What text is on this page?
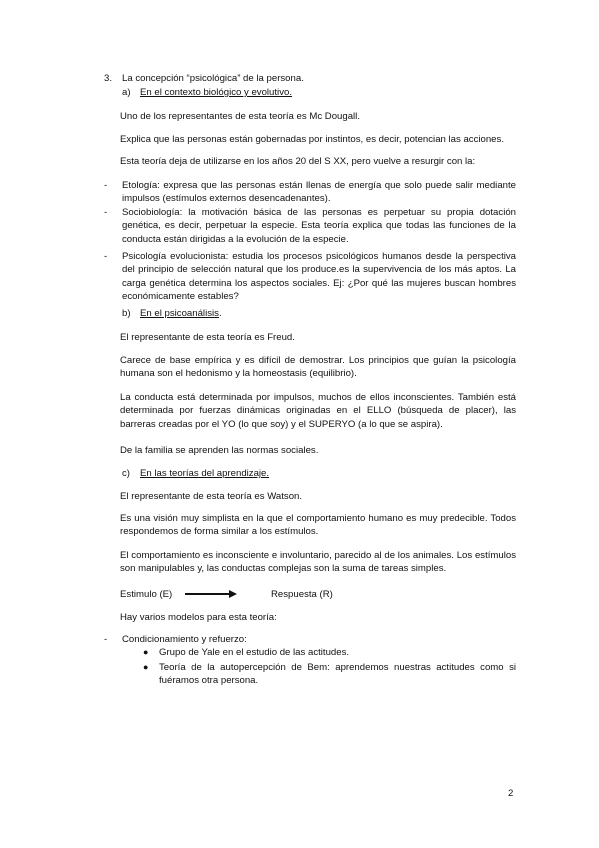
3. La concepción “psicológica” de la persona.
a) En el contexto biológico y evolutivo.

Uno de los representantes de esta teoría es Mc Dougall.

Explica que las personas están gobernadas por instintos, es decir, potencian las acciones.

Esta teoría deja de utilizarse en los años 20 del S XX, pero vuelve a resurgir con la:

- Etología: expresa que las personas están llenas de energía que solo puede salir mediante impulsos (estímulos externos desencadenantes).

- Sociobiología: la motivación básica de las personas es perpetuar su propia dotación genética, es decir, perpetuar la especie. Esta teoría explica que todas las funciones de la conducta están dirigidas a la evolución de la especie.

- Psicología evolucionista: estudia los procesos psicológicos humanos desde la perspectiva del principio de selección natural que los produce.es la supervivencia de los más aptos. La carga genética determina los aspectos sociales. Ej: ¿Por qué las mujeres buscan hombres económicamente estables?

b) En el psicoanálisis.

El representante de esta teoría es Freud.

Carece de base empírica y es difícil de demostrar. Los principios que guían la psicología humana son el hedonismo y la homeostasis (equilibrio).

La conducta está determinada por impulsos, muchos de ellos inconscientes. También está determinada por fuerzas dinámicas originadas en el ELLO (búsqueda de placer), las barreras creadas por el YO (lo que soy) y el SUPERYO (a lo que se aspira).

De la familia se aprenden las normas sociales.

c) En las teorías del aprendizaje.

El representante de esta teoría es Watson.

Es una visión muy simplista en la que el comportamiento humano es muy predecible. Todos respondemos de forma similar a los estímulos.

El comportamiento es inconsciente e involuntario, parecido al de los animales. Los estímulos son manipulables y, las conductas complejas son la suma de tareas simples.

Estimulo (E)	Respuesta (R)

Hay varios modelos para esta teoría:

- Condicionamiento y refuerzo:
● Grupo de Yale en el estudio de las actitudes.

● Teoría de la autopercepción de Bem: aprendemos nuestras actitudes como si fuéramos otra persona.

2
